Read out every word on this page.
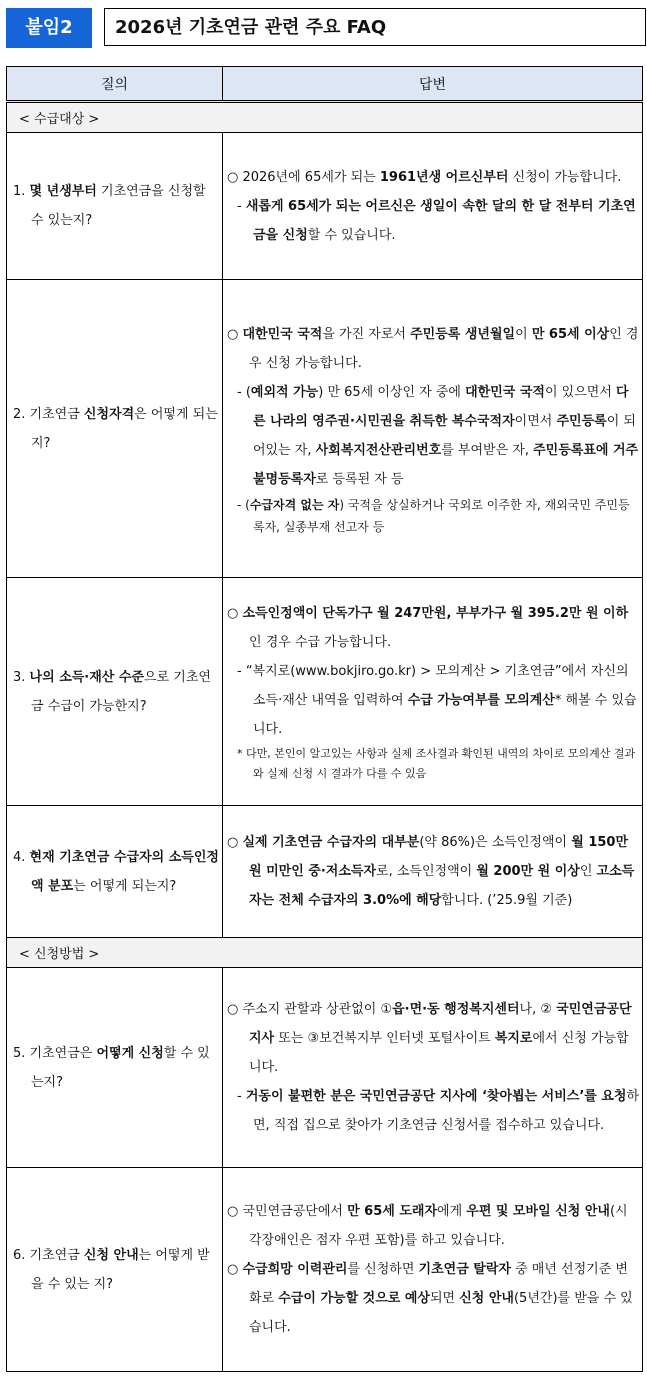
붙임2	2026년 기초연금 관련 주요 FAQ
질의	답변
< 수급대상 >	

1. 몇 년생부터 기초연금을 신청할 수 있는지?	○ 2026년에 65세가 되는 1961년생 어르신부터 신청이 가능합니다.

- 새롭게 65세가 되는 어르신은 생일이 속한 달의 한 달 전부터 기초연금을 신청할 수 있습니다.

2. 기초연금 신청자격은 어떻게 되는지?	○ 대한민국 국적을 가진 자로서 주민등록 생년월일이 만 65세 이상인 경우 신청 가능합니다.

- (예외적 가능) 만 65세 이상인 자 중에 대한민국 국적이 있으면서 다른 나라의 영주권·시민권을 취득한 복수국적자이면서 주민등록이 되어있는 자, 사회복지전산관리번호를 부여받은 자, 주민등록표에 거주불명등록자로 등록된 자 등

- (수급자격 없는 자) 국적을 상실하거나 국외로 이주한 자, 재외국민 주민등록자, 실종부재 선고자 등

3. 나의 소득·재산 수준으로 기초연금 수급이 가능한지?	○ 소득인정액이 단독가구 월 247만원, 부부가구 월 395.2만 원 이하인 경우 수급 가능합니다.

- “복지로(www.bokjiro.go.kr) > 모의계산 > 기초연금”에서 자신의 소득·재산 내역을 입력하여 수급 가능여부를 모의계산* 해볼 수 있습니다.

* 다만, 본인이 알고있는 사항과 실제 조사결과 확인된 내역의 차이로 모의계산 결과와 실제 신청 시 결과가 다를 수 있음

4. 현재 기초연금 수급자의 소득인정액 분포는 어떻게 되는지?	○ 실제 기초연금 수급자의 대부분(약 86%)은 소득인정액이 월 150만 원 미만인 중·저소득자로, 소득인정액이 월 200만 원 이상인 고소득자는 전체 수급자의 3.0%에 해당합니다. (’25.9월 기준)

< 신청방법 >	

5. 기초연금은 어떻게 신청할 수 있는지?	○ 주소지 관할과 상관없이 ①읍·면·동 행정복지센터나, ② 국민연금공단 지사 또는 ③보건복지부 인터넷 포털사이트 복지로에서 신청 가능합니다.

- 거동이 불편한 분은 국민연금공단 지사에 ‘찾아뵙는 서비스’를 요청하면, 직접 집으로 찾아가 기초연금 신청서를 접수하고 있습니다.

6. 기초연금 신청 안내는 어떻게 받을 수 있는 지?	○ 국민연금공단에서 만 65세 도래자에게 우편 및 모바일 신청 안내(시각장애인은 점자 우편 포함)를 하고 있습니다.

○ 수급희망 이력관리를 신청하면 기초연금 탈락자 중 매년 선정기준 변화로 수급이 가능할 것으로 예상되면 신청 안내(5년간)를 받을 수 있습니다.
